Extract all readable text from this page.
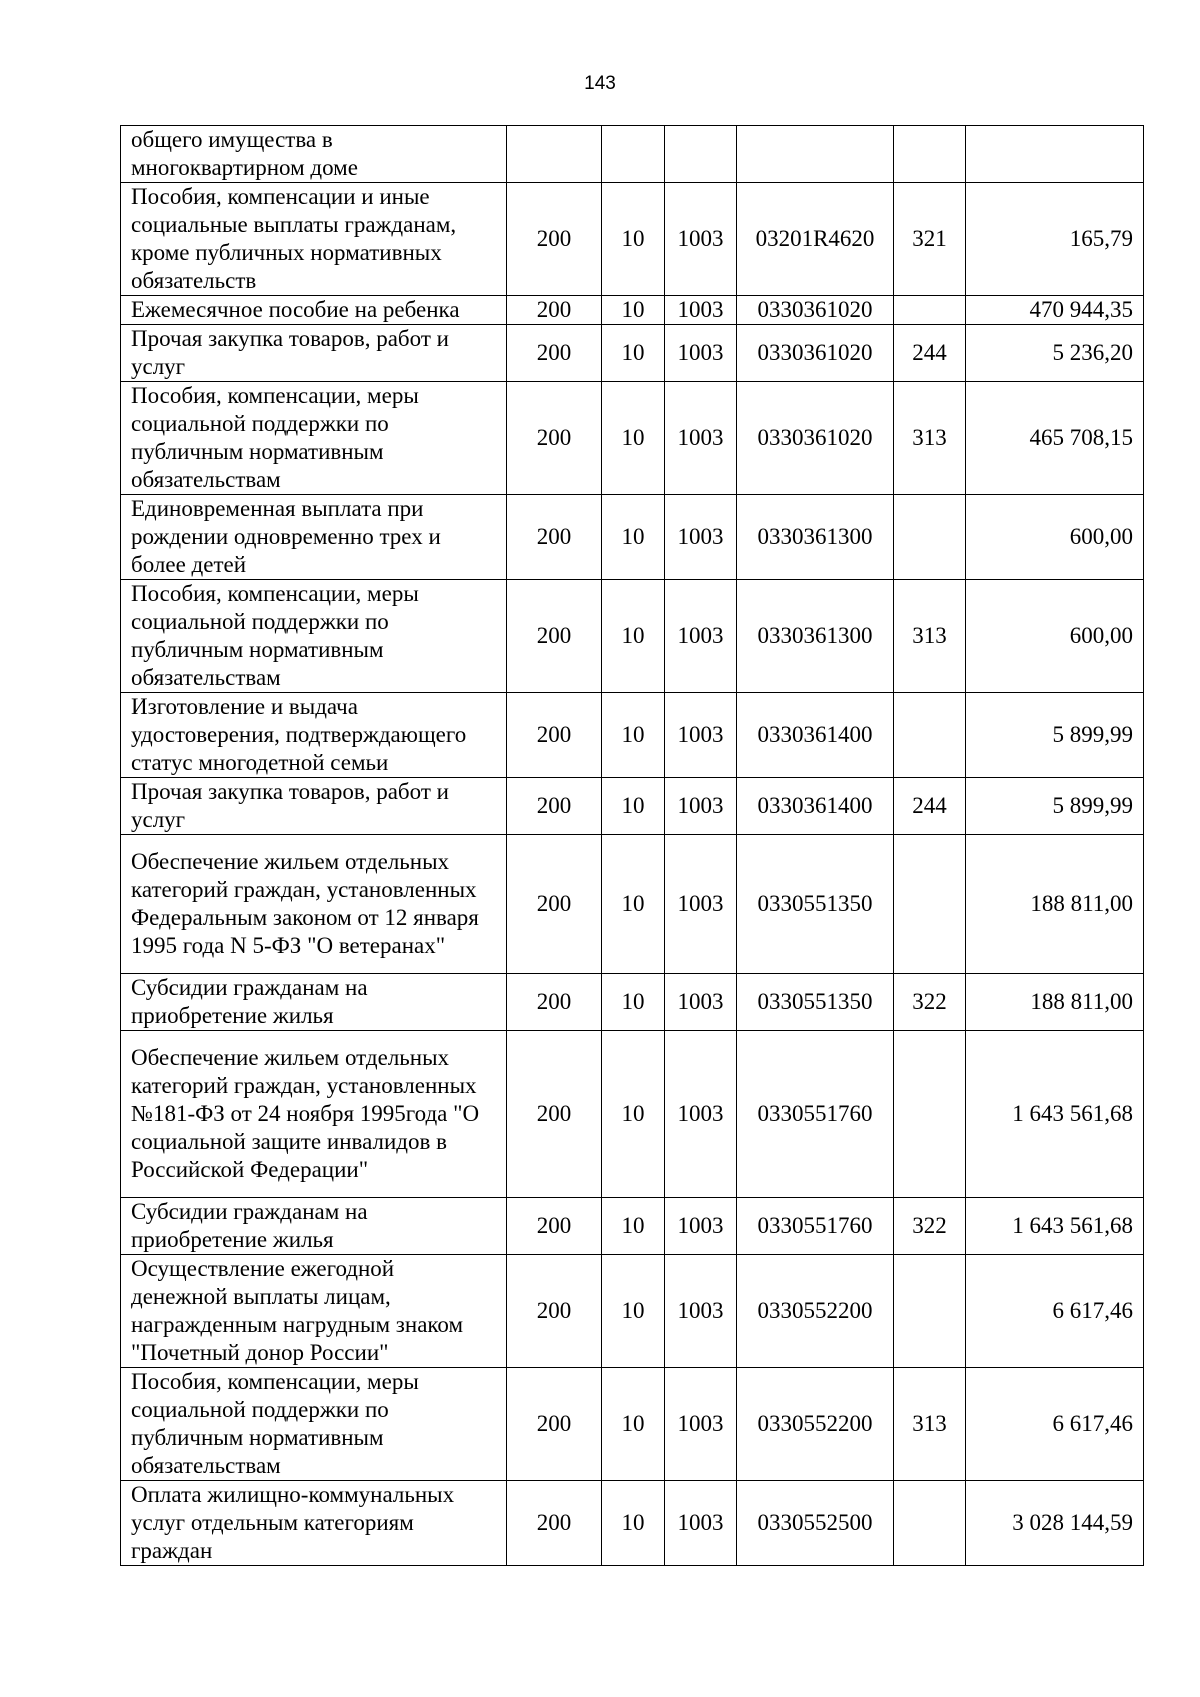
143
общего имущества в многоквартирном доме						
Пособия, компенсации и иные социальные выплаты гражданам, кроме публичных нормативных обязательств	200	10	1003	03201R4620	321	165,79
Ежемесячное пособие на ребенка	200	10	1003	0330361020		470 944,35
Прочая закупка товаров, работ и услуг	200	10	1003	0330361020	244	5 236,20
Пособия, компенсации, меры социальной поддержки по публичным нормативным обязательствам	200	10	1003	0330361020	313	465 708,15
Единовременная выплата при рождении одновременно трех и более детей	200	10	1003	0330361300		600,00
Пособия, компенсации, меры социальной поддержки по публичным нормативным обязательствам	200	10	1003	0330361300	313	600,00
Изготовление и выдача удостоверения, подтверждающего статус многодетной семьи	200	10	1003	0330361400		5 899,99
Прочая закупка товаров, работ и услуг	200	10	1003	0330361400	244	5 899,99
Обеспечение жильем отдельных категорий граждан, установленных Федеральным законом от 12 января 1995 года N 5-ФЗ "О ветеранах"	200	10	1003	0330551350		188 811,00
Субсидии гражданам на приобретение жилья	200	10	1003	0330551350	322	188 811,00
Обеспечение жильем отдельных категорий граждан, установленных №181-ФЗ от 24 ноября 1995года "О социальной защите инвалидов в Российской Федерации"	200	10	1003	0330551760		1 643 561,68
Субсидии гражданам на приобретение жилья	200	10	1003	0330551760	322	1 643 561,68
Осуществление ежегодной денежной выплаты лицам, награжденным нагрудным знаком "Почетный донор России"	200	10	1003	0330552200		6 617,46
Пособия, компенсации, меры социальной поддержки по публичным нормативным обязательствам	200	10	1003	0330552200	313	6 617,46
Оплата жилищно-коммунальных услуг отдельным категориям граждан	200	10	1003	0330552500		3 028 144,59
